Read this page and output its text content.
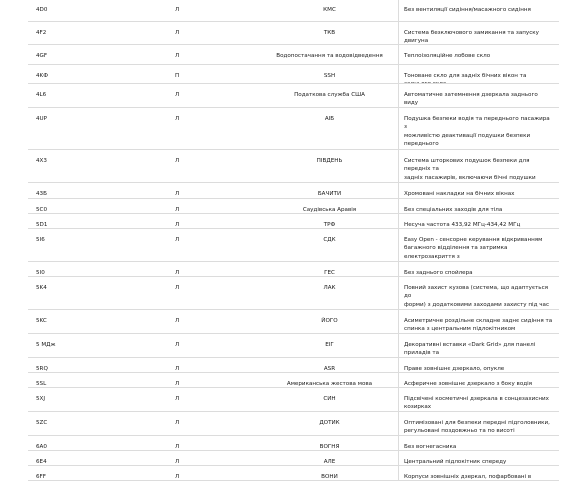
4D0	Л	КМС	Без вентиляції сидіння/масажного сидіння
4F2	Л	ТКВ	Система безключового замикання та запуску двигуна

4GF	Л	Водопостачання та водовідведення	Теплоізоляційне лобове скло
4KФ	П	SSH	Тоноване скло для задніх бічних вікон та
4L6	Л	Податкова служба США	Автоматичне затемнення дзеркала заднього виду

4UP	Л	АІБ	Подушка безпеки водія та переднього пасажира з
можливістю деактивації подушки безпеки переднього

4X3	Л	ПІВДЕНЬ	Система шторкових подушок безпеки для передніх та
задніх пасажирів, включаючи бічні подушки

43Б	Л	БАЧИТИ	Хромовані накладки на бічних вікнах
5C0	Л	Саудівська Аравія	Без спеціальних заходів для тіла
5D1	Л	ТРФ	Несуча частота 433,92 МГц-434,42 МГц
5I6	Л	СДК	Easy Open - сенсорне керування відкриванням
багажного відділення та затримка електрозакриття з

5I0	Л	ГЕС	Без заднього спойлера
5K4	Л	ЛАК	Повний захист кузова (система, що адаптується до
форми) з додатковими заходами захисту під час

5KC	Л	ЙОГО	Асиметричне роздільне складне заднє сидіння та
спинка з центральним підлокітником
5 МДж	Л	ЕІГ	Декоративні вставки «Dark Grid» для панелі приладів та

5RQ	Л	АSR	Праве зовнішнє дзеркало, опукле
5SL	Л	Американська жестова мова	Асферичне зовнішнє дзеркало з боку водія
5XJ	Л	СИН	Підсвічені косметичні дзеркала в сонцезахисних
козирках
5ZC	Л	ДОТИК	Оптимізовані для безпеки передні підголовники,
регульовані поздовжньо та по висоті
6A0	Л	ВОГНЯ	Без вогнегасника
6E4	Л	АЛЕ	Центральний підлокітник спереду
6FF	Л	ВОНИ	Корпуси зовнішніх дзеркал, пофарбовані в
